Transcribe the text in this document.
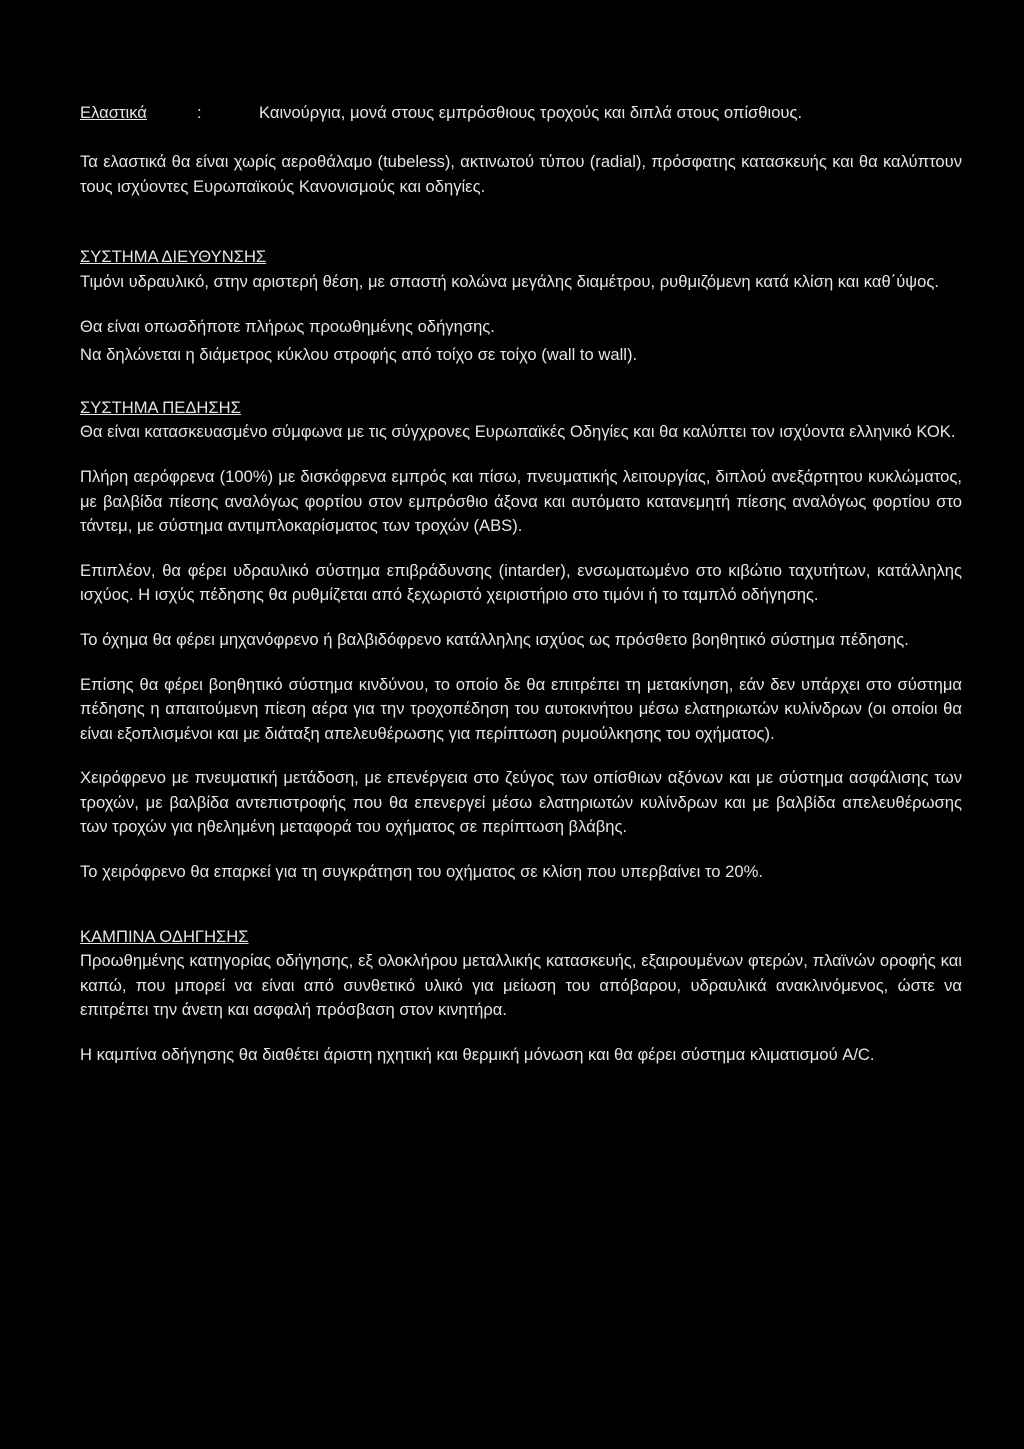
Ελαστικά	:	Καινούργια, μονά στους εμπρόσθιους τροχούς και διπλά στους οπίσθιους.

Τα ελαστικά θα είναι χωρίς αεροθάλαμο (tubeless), ακτινωτού τύπου (radial), πρόσφατης κατασκευής και θα καλύπτουν τους ισχύοντες Ευρωπαϊκούς Κανονισμούς και οδηγίες.

ΣΥΣΤΗΜΑ ΔΙΕΥΘΥΝΣΗΣ

Τιμόνι υδραυλικό, στην αριστερή θέση, με σπαστή κολώνα μεγάλης διαμέτρου, ρυθμιζόμενη κατά κλίση και καθ΄ύψος.

Θα είναι οπωσδήποτε πλήρως προωθημένης οδήγησης.

Να δηλώνεται η διάμετρος κύκλου στροφής από τοίχο σε τοίχο (wall to wall).

ΣΥΣΤΗΜΑ ΠΕΔΗΣΗΣ

Θα είναι κατασκευασμένο σύμφωνα με τις σύγχρονες Ευρωπαϊκές Οδηγίες και θα καλύπτει τον ισχύοντα ελληνικό ΚΟΚ.

Πλήρη αερόφρενα (100%) με δισκόφρενα εμπρός και πίσω, πνευματικής λειτουργίας, διπλού ανεξάρτητου κυκλώματος, με βαλβίδα πίεσης αναλόγως φορτίου στον εμπρόσθιο άξονα και αυτόματο κατανεμητή πίεσης αναλόγως φορτίου στο τάντεμ, με σύστημα αντιμπλοκαρίσματος των τροχών (ABS).

Επιπλέον, θα φέρει υδραυλικό σύστημα επιβράδυνσης (intarder), ενσωματωμένο στο κιβώτιο ταχυτήτων, κατάλληλης ισχύος. Η ισχύς πέδησης θα ρυθμίζεται από ξεχωριστό χειριστήριο στο τιμόνι ή το ταμπλό οδήγησης.

Το όχημα θα φέρει μηχανόφρενο ή βαλβιδόφρενο κατάλληλης ισχύος ως πρόσθετο βοηθητικό σύστημα πέδησης.

Επίσης θα φέρει βοηθητικό σύστημα κινδύνου, το οποίο δε θα επιτρέπει τη μετακίνηση, εάν δεν υπάρχει στο σύστημα πέδησης η απαιτούμενη πίεση αέρα για την τροχοπέδηση του αυτοκινήτου μέσω ελατηριωτών κυλίνδρων (οι οποίοι θα είναι εξοπλισμένοι και με διάταξη απελευθέρωσης για περίπτωση ρυμούλκησης του οχήματος).

Χειρόφρενο με πνευματική μετάδοση, με επενέργεια στο ζεύγος των οπίσθιων αξόνων και με σύστημα ασφάλισης των τροχών, με βαλβίδα αντεπιστροφής που θα επενεργεί μέσω ελατηριωτών κυλίνδρων και με βαλβίδα απελευθέρωσης των τροχών για ηθελημένη μεταφορά του οχήματος σε περίπτωση βλάβης.

Το χειρόφρενο θα επαρκεί για τη συγκράτηση του οχήματος σε κλίση που υπερβαίνει το 20%.

ΚΑΜΠΙΝΑ ΟΔΗΓΗΣΗΣ

Προωθημένης κατηγορίας οδήγησης, εξ ολοκλήρου μεταλλικής κατασκευής, εξαιρουμένων φτερών, πλαϊνών οροφής και καπώ, που μπορεί να είναι από συνθετικό υλικό για μείωση του απόβαρου, υδραυλικά ανακλινόμενος, ώστε να επιτρέπει την άνετη και ασφαλή πρόσβαση στον κινητήρα.

Η καμπίνα οδήγησης θα διαθέτει άριστη ηχητική και θερμική μόνωση και θα φέρει σύστημα κλιματισμού A/C.
